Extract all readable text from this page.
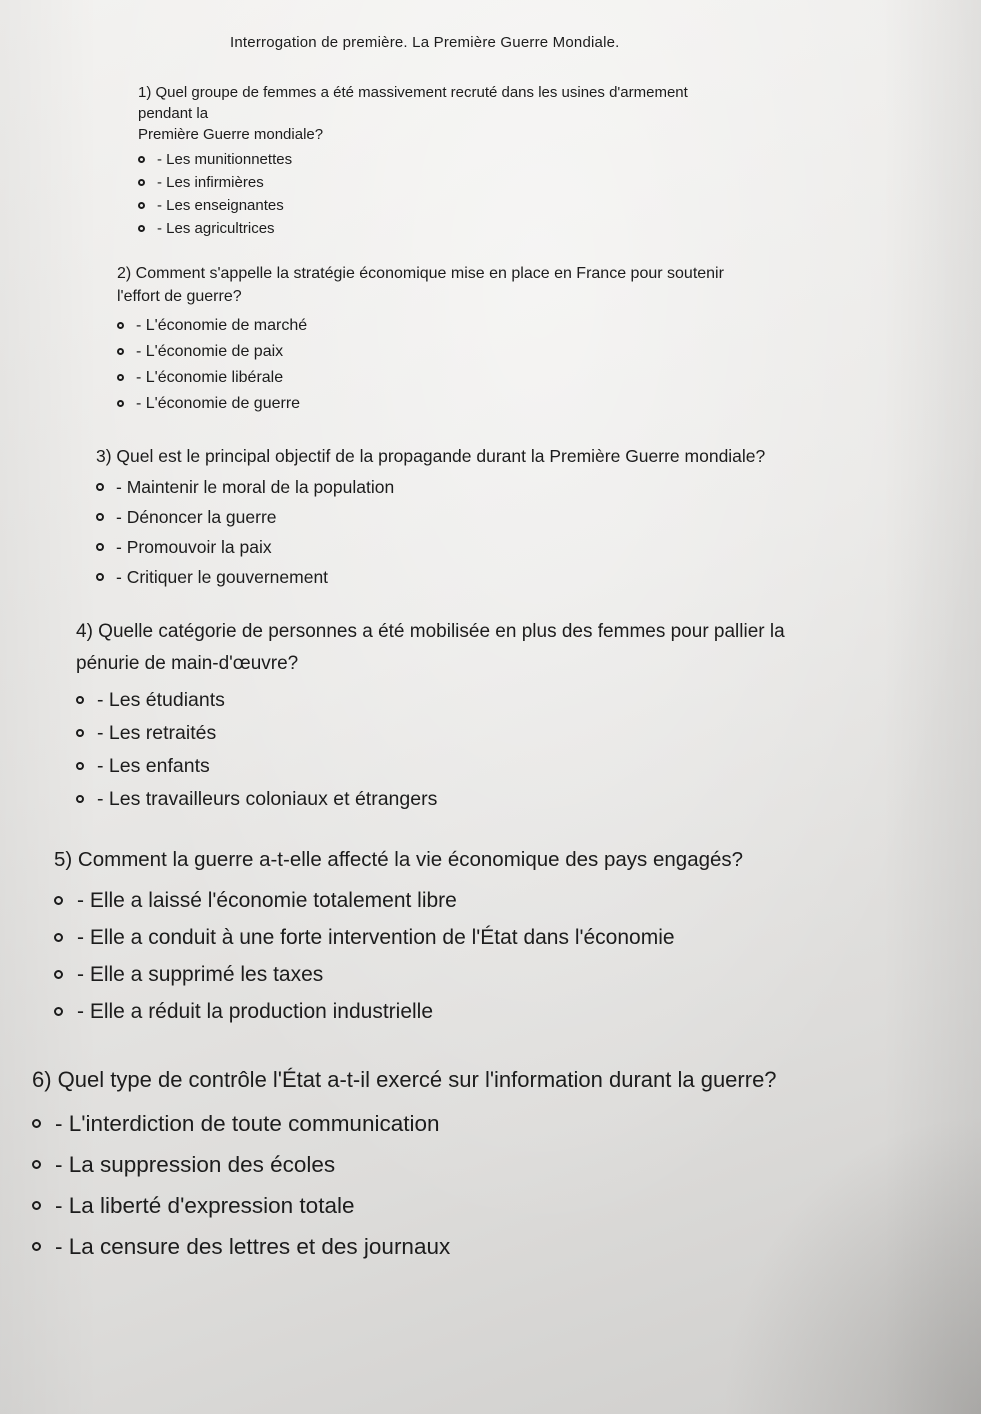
Interrogation de première. La Première Guerre Mondiale.
1) Quel groupe de femmes a été massivement recruté dans les usines d'armement
pendant la
Première Guerre mondiale?
- Les munitionnettes
- Les infirmières
- Les enseignantes
- Les agricultrices
2) Comment s'appelle la stratégie économique mise en place en France pour soutenir
l'effort de guerre?
- L'économie de marché
- L'économie de paix
- L'économie libérale
- L'économie de guerre
3) Quel est le principal objectif de la propagande durant la Première Guerre mondiale?
- Maintenir le moral de la population
- Dénoncer la guerre
- Promouvoir la paix
- Critiquer le gouvernement
4) Quelle catégorie de personnes a été mobilisée en plus des femmes pour pallier la
pénurie de main-d'œuvre?
- Les étudiants
- Les retraités
- Les enfants
- Les travailleurs coloniaux et étrangers
5) Comment la guerre a-t-elle affecté la vie économique des pays engagés?
- Elle a laissé l'économie totalement libre
- Elle a conduit à une forte intervention de l'État dans l'économie
- Elle a supprimé les taxes
- Elle a réduit la production industrielle
6) Quel type de contrôle l'État a-t-il exercé sur l'information durant la guerre?
- L'interdiction de toute communication
- La suppression des écoles
- La liberté d'expression totale
- La censure des lettres et des journaux
